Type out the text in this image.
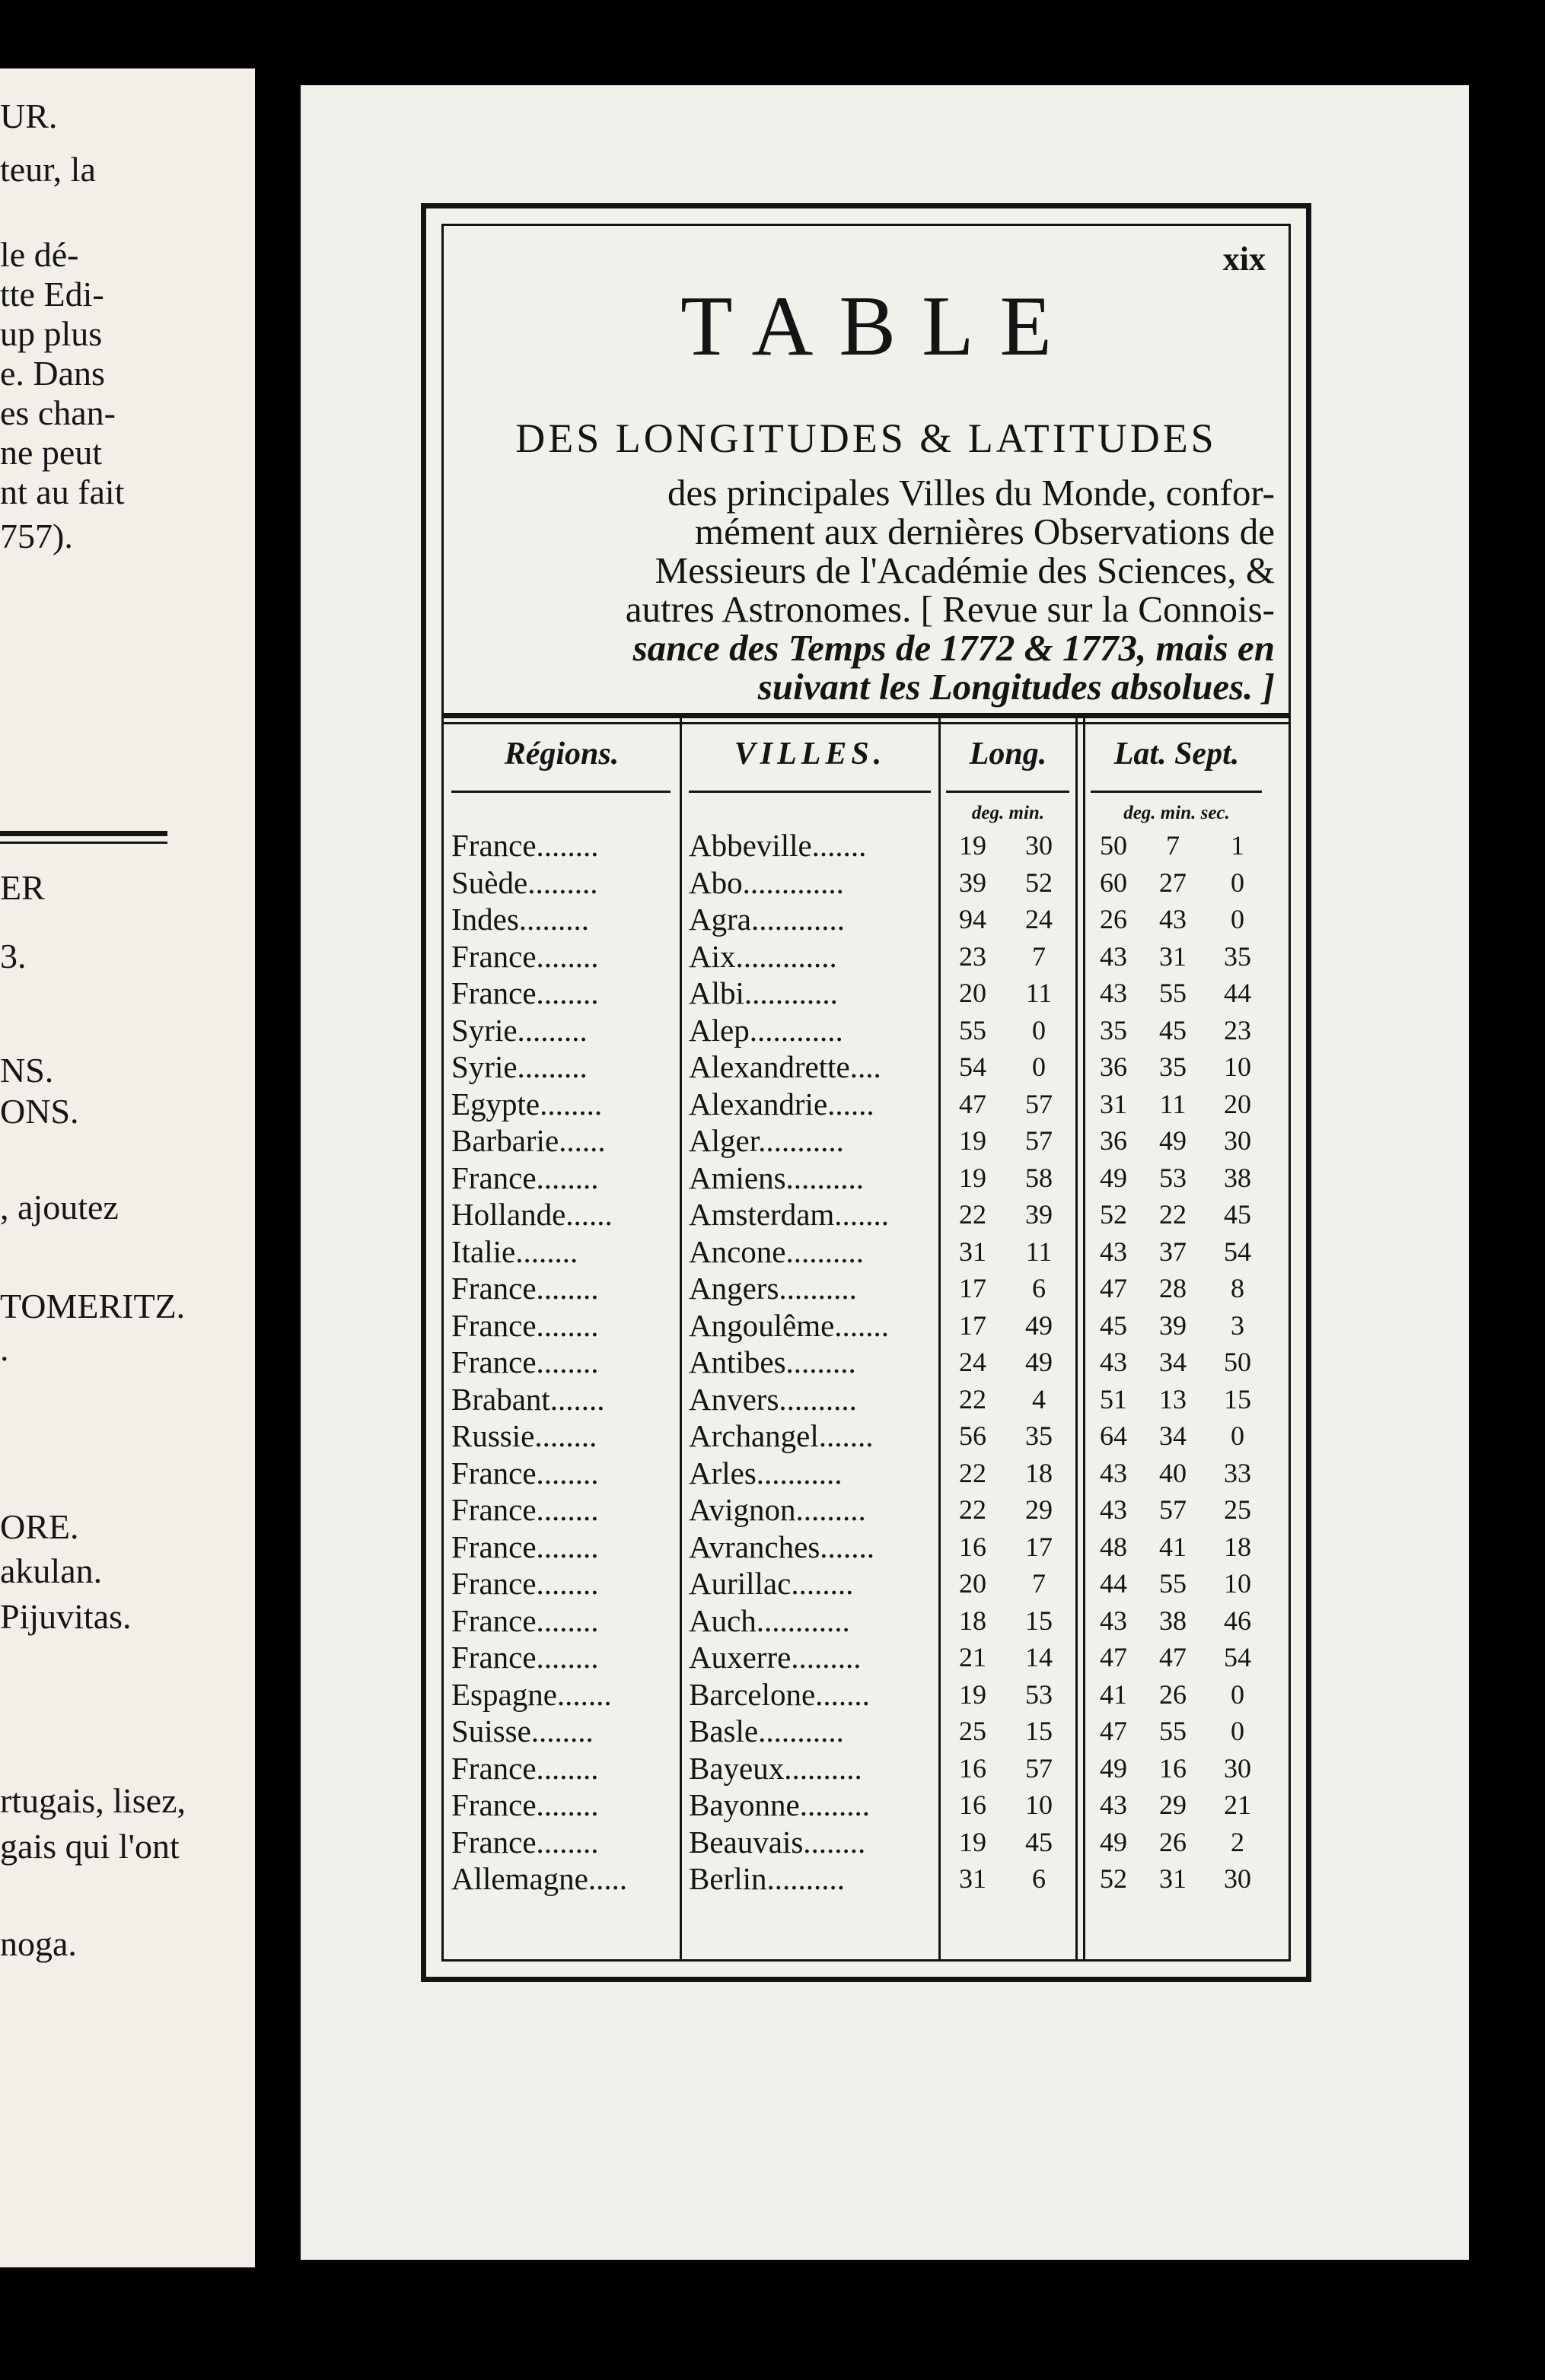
UR.
teur, la
le dé-
tte Edi-
up plus
e. Dans
es chan-
ne peut
nt au fait
757).
ER
3.
NS.
ONS.
, ajoutez
TOMERITZ.
.
ORE.
akulan.
Pijuvitas.
rtugais, lisez,
gais qui l'ont
noga.
xix
TABLE
DES LONGITUDES & LATITUDES
des principales Villes du Monde, confor-
mément aux dernières Observations de
Messieurs de l'Académie des Sciences, &
autres Astronomes. [ Revue sur la Connois-
sance des Temps de 1772 & 1773, mais en
suivant les Longitudes absolues. ]
Régions.	VILLES.	Long.	Lat. Sept.
deg. min.	deg. min. sec.
France........	Abbeville.......	19	30	50	7	1
Suède.........	Abo.............	39	52	60	27	0
Indes.........	Agra............	94	24	26	43	0
France........	Aix.............	23	7	43	31	35
France........	Albi............	20	11	43	55	44
Syrie.........	Alep............	55	0	35	45	23
Syrie.........	Alexandrette....	54	0	36	35	10
Egypte........	Alexandrie......	47	57	31	11	20
Barbarie......	Alger...........	19	57	36	49	30
France........	Amiens..........	19	58	49	53	38
Hollande......	Amsterdam.......	22	39	52	22	45
Italie........	Ancone..........	31	11	43	37	54
France........	Angers..........	17	6	47	28	8
France........	Angoulême.......	17	49	45	39	3
France........	Antibes.........	24	49	43	34	50
Brabant.......	Anvers..........	22	4	51	13	15
Russie........	Archangel.......	56	35	64	34	0
France........	Arles...........	22	18	43	40	33
France........	Avignon.........	22	29	43	57	25
France........	Avranches.......	16	17	48	41	18
France........	Aurillac........	20	7	44	55	10
France........	Auch............	18	15	43	38	46
France........	Auxerre.........	21	14	47	47	54
Espagne.......	Barcelone.......	19	53	41	26	0
Suisse........	Basle...........	25	15	47	55	0
France........	Bayeux..........	16	57	49	16	30
France........	Bayonne.........	16	10	43	29	21
France........	Beauvais........	19	45	49	26	2
Allemagne.....	Berlin..........	31	6	52	31	30
